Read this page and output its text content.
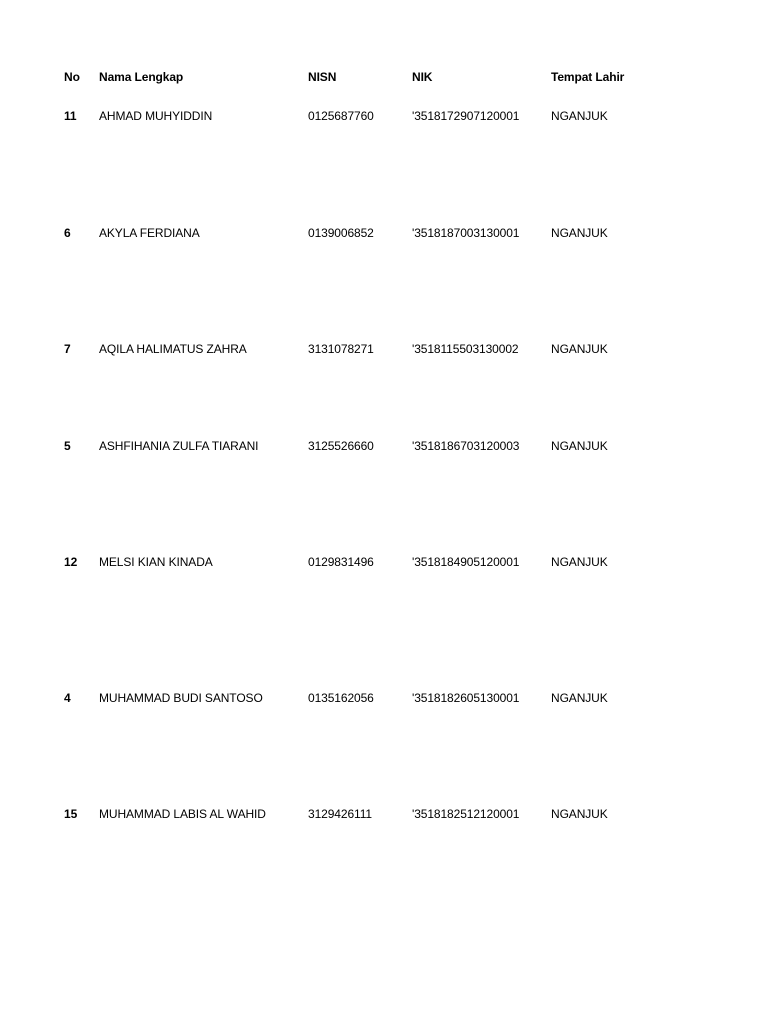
No Nama Lengkap	NISN	NIK	Tempat Lahir
11 AHMAD MUHYIDDIN	0125687760	'3518172907120001	NGANJUK
6 AKYLA FERDIANA	0139006852	'3518187003130001	NGANJUK
7 AQILA HALIMATUS ZAHRA	3131078271	'3518115503130002	NGANJUK
5 ASHFIHANIA ZULFA TIARANI	3125526660	'3518186703120003	NGANJUK
12 MELSI KIAN KINADA	0129831496	'3518184905120001	NGANJUK
4 MUHAMMAD BUDI SANTOSO	0135162056	'3518182605130001	NGANJUK
15 MUHAMMAD LABIS AL WAHID	3129426111	'3518182512120001	NGANJUK
